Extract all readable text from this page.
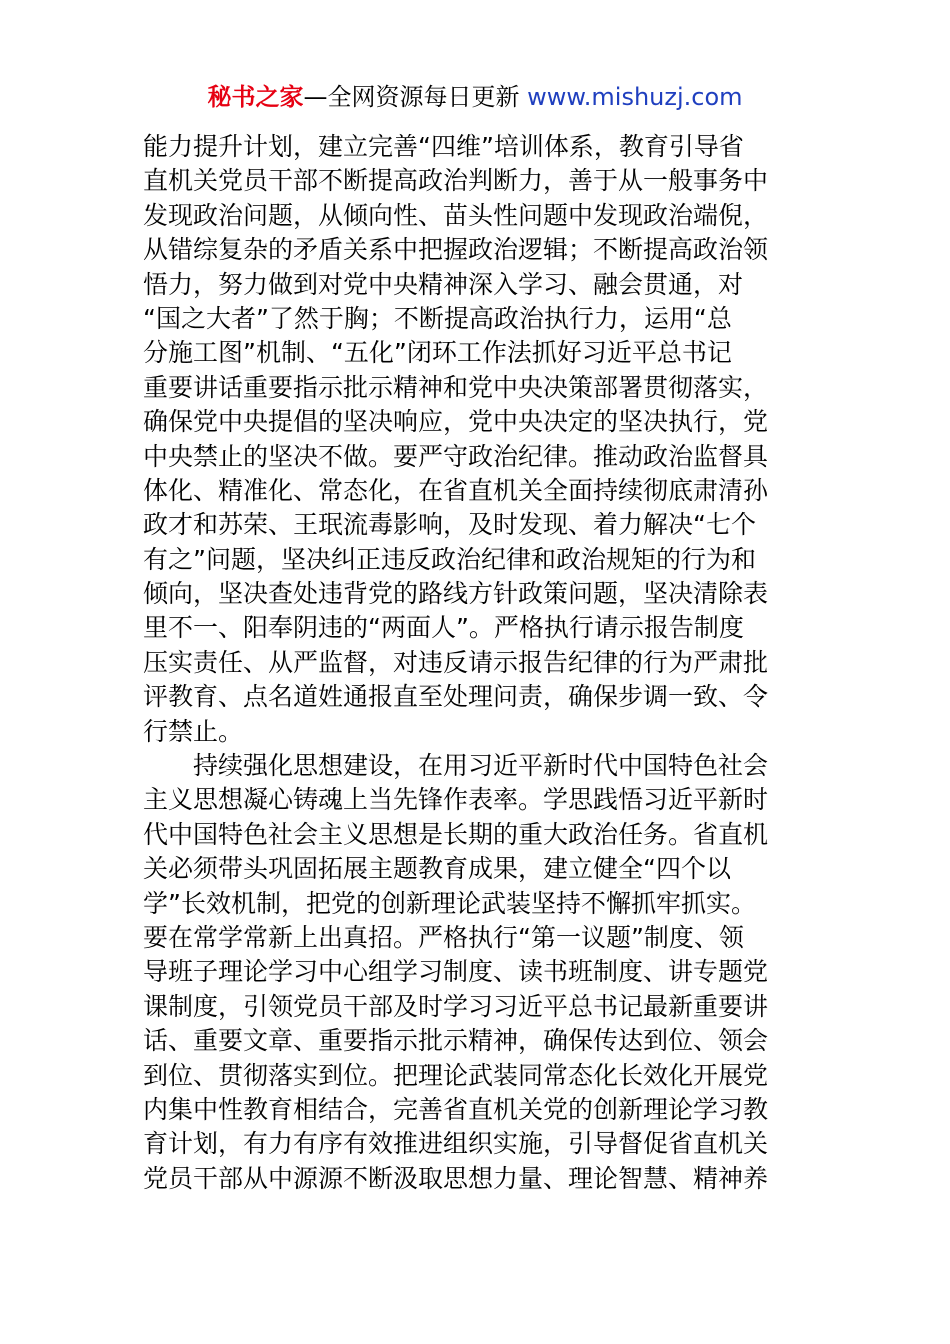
秘书之家—全网资源每日更新 www.mishuzj.com
能力提升计划，建立完善“四维”培训体系，教育引导省
直机关党员干部不断提高政治判断力，善于从一般事务中
发现政治问题，从倾向性、苗头性问题中发现政治端倪，
从错综复杂的矛盾关系中把握政治逻辑；不断提高政治领
悟力，努力做到对党中央精神深入学习、融会贯通，对
“国之大者”了然于胸；不断提高政治执行力，运用“总
分施工图”机制、“五化”闭环工作法抓好习近平总书记
重要讲话重要指示批示精神和党中央决策部署贯彻落实，
确保党中央提倡的坚决响应，党中央决定的坚决执行，党
中央禁止的坚决不做。要严守政治纪律。推动政治监督具
体化、精准化、常态化，在省直机关全面持续彻底肃清孙
政才和苏荣、王珉流毒影响，及时发现、着力解决“七个
有之”问题，坚决纠正违反政治纪律和政治规矩的行为和
倾向，坚决查处违背党的路线方针政策问题，坚决清除表
里不一、阳奉阴违的“两面人”。严格执行请示报告制度
压实责任、从严监督，对违反请示报告纪律的行为严肃批
评教育、点名道姓通报直至处理问责，确保步调一致、令
行禁止。
　　持续强化思想建设，在用习近平新时代中国特色社会
主义思想凝心铸魂上当先锋作表率。学思践悟习近平新时
代中国特色社会主义思想是长期的重大政治任务。省直机
关必须带头巩固拓展主题教育成果，建立健全“四个以
学”长效机制，把党的创新理论武装坚持不懈抓牢抓实。
要在常学常新上出真招。严格执行“第一议题”制度、领
导班子理论学习中心组学习制度、读书班制度、讲专题党
课制度，引领党员干部及时学习习近平总书记最新重要讲
话、重要文章、重要指示批示精神，确保传达到位、领会
到位、贯彻落实到位。把理论武装同常态化长效化开展党
内集中性教育相结合，完善省直机关党的创新理论学习教
育计划，有力有序有效推进组织实施，引导督促省直机关
党员干部从中源源不断汲取思想力量、理论智慧、精神养
